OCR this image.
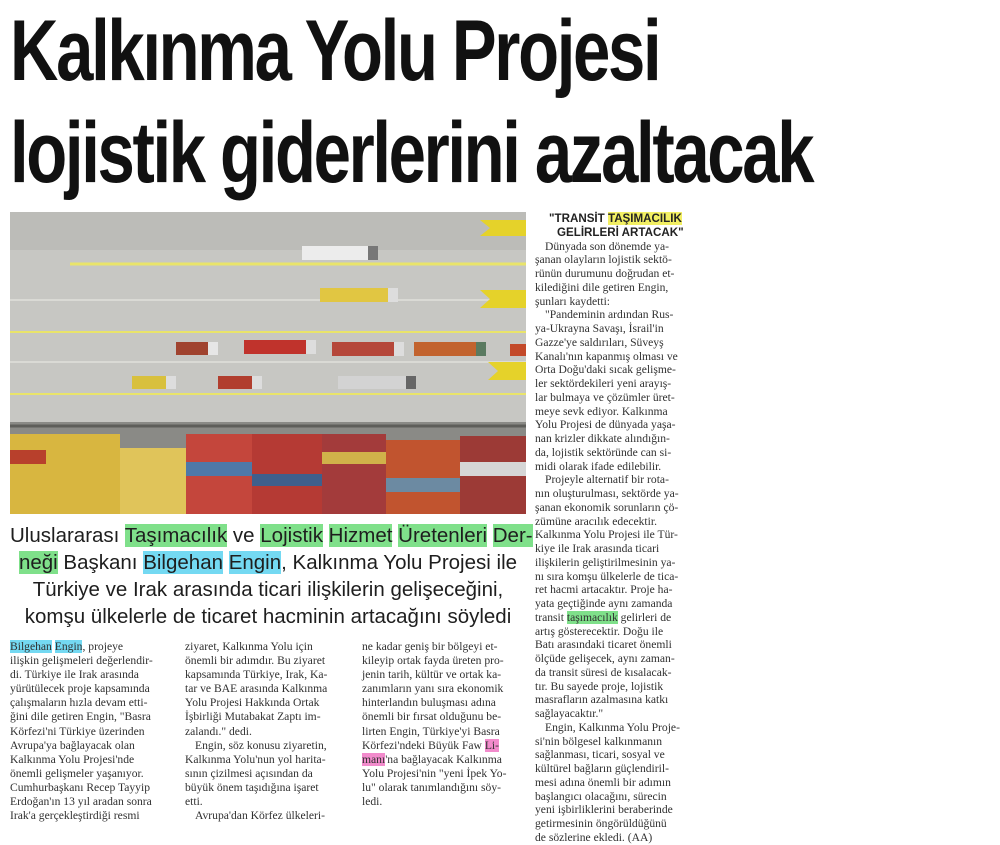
Kalkınma Yolu Projesi
lojistik giderlerini azaltacak
Uluslararası Taşımacılık ve Lojistik Hizmet Üretenleri Der-
neği Başkanı Bilgehan Engin, Kalkınma Yolu Projesi ile
Türkiye ve Irak arasında ticari ilişkilerin gelişeceğini,
komşu ülkelerle de ticaret hacminin artacağını söyledi
Bilgehan Engin, projeye
ilişkin gelişmeleri değerlendir-
di. Türkiye ile Irak arasında
yürütülecek proje kapsamında
çalışmaların hızla devam etti-
ğini dile getiren Engin, "Basra
Körfezi'ni Türkiye üzerinden
Avrupa'ya bağlayacak olan
Kalkınma Yolu Projesi'nde
önemli gelişmeler yaşanıyor.
Cumhurbaşkanı Recep Tayyip
Erdoğan'ın 13 yıl aradan sonra
Irak'a gerçekleştirdiği resmi
ziyaret, Kalkınma Yolu için
önemli bir adımdır. Bu ziyaret
kapsamında Türkiye, Irak, Ka-
tar ve BAE arasında Kalkınma
Yolu Projesi Hakkında Ortak
İşbirliği Mutabakat Zaptı im-
zalandı." dedi.
Engin, söz konusu ziyaretin,
Kalkınma Yolu'nun yol harita-
sının çizilmesi açısından da
büyük önem taşıdığına işaret
etti.
Avrupa'dan Körfez ülkeleri-
ne kadar geniş bir bölgeyi et-
kileyip ortak fayda üreten pro-
jenin tarih, kültür ve ortak ka-
zanımların yanı sıra ekonomik
hinterlandın buluşması adına
önemli bir fırsat olduğunu be-
lirten Engin, Türkiye'yi Basra
Körfezi'ndeki Büyük Faw Li-
manı'na bağlayacak Kalkınma
Yolu Projesi'nin "yeni İpek Yo-
lu" olarak tanımlandığını söy-
ledi.
"TRANSİT TAŞIMACILIK
GELİRLERİ ARTACAK"
Dünyada son dönemde ya-
şanan olayların lojistik sektö-
rünün durumunu doğrudan et-
kilediğini dile getiren Engin,
şunları kaydetti:
"Pandeminin ardından Rus-
ya-Ukrayna Savaşı, İsrail'in
Gazze'ye saldırıları, Süveyş
Kanalı'nın kapanmış olması ve
Orta Doğu'daki sıcak gelişme-
ler sektördekileri yeni arayış-
lar bulmaya ve çözümler üret-
meye sevk ediyor. Kalkınma
Yolu Projesi de dünyada yaşa-
nan krizler dikkate alındığın-
da, lojistik sektöründe can si-
midi olarak ifade edilebilir.
Projeyle alternatif bir rota-
nın oluşturulması, sektörde ya-
şanan ekonomik sorunların çö-
zümüne aracılık edecektir.
Kalkınma Yolu Projesi ile Tür-
kiye ile Irak arasında ticari
ilişkilerin geliştirilmesinin ya-
nı sıra komşu ülkelerle de tica-
ret hacmi artacaktır. Proje ha-
yata geçtiğinde aynı zamanda
transit taşımacılık gelirleri de
artış gösterecektir. Doğu ile
Batı arasındaki ticaret önemli
ölçüde gelişecek, aynı zaman-
da transit süresi de kısalacak-
tır. Bu sayede proje, lojistik
masrafların azalmasına katkı
sağlayacaktır."
Engin, Kalkınma Yolu Proje-
si'nin bölgesel kalkınmanın
sağlanması, ticari, sosyal ve
kültürel bağların güçlendiril-
mesi adına önemli bir adımın
başlangıcı olacağını, sürecin
yeni işbirliklerini beraberinde
getirmesinin öngörüldüğünü
de sözlerine ekledi. (AA)
